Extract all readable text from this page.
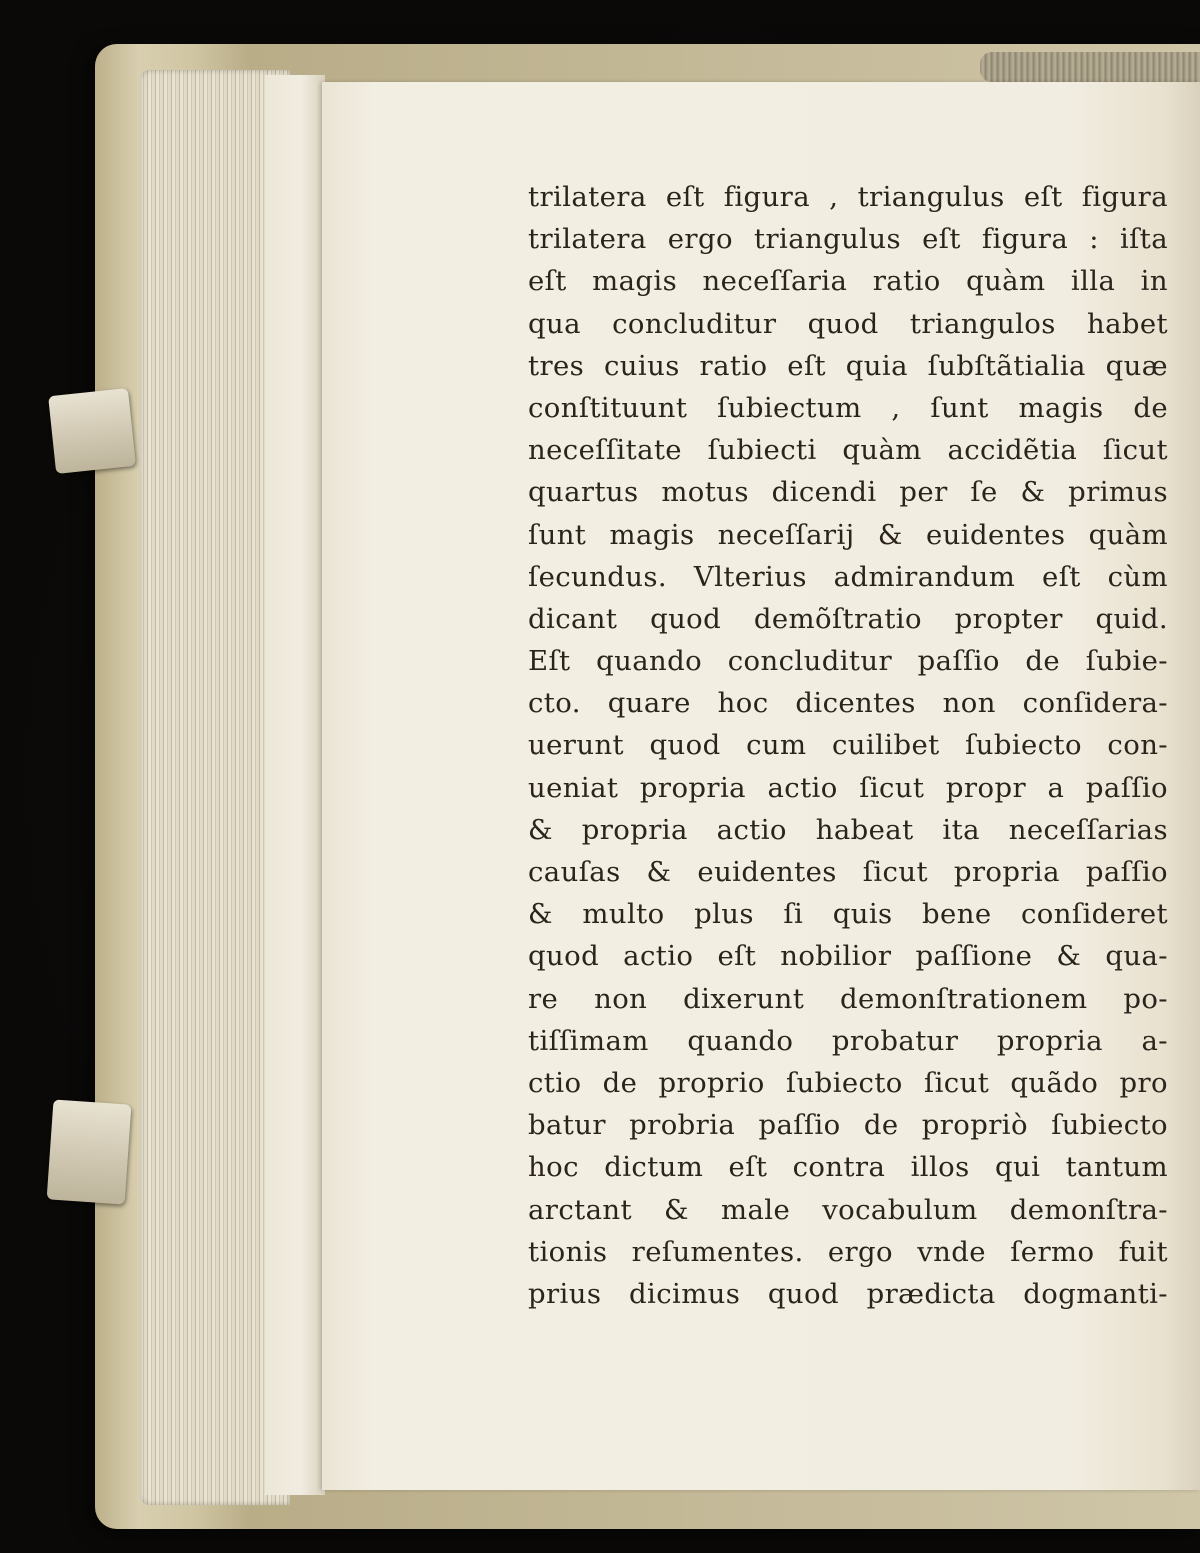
trilatera eſt figura , triangulus eſt figura
trilatera ergo triangulus eſt figura : iſta
eſt magis neceſſaria ratio quàm illa in
qua concluditur quod triangulos habet
tres cuius ratio eſt quia ſubſtãtialia quæ
conſtituunt ſubiectum , ſunt magis de
neceſſitate ſubiecti quàm accidẽtia ſicut
quartus motus dicendi per ſe & primus
ſunt magis neceſſarij & euidentes quàm
ſecundus. Vlterius admirandum eſt cùm
dicant quod demõſtratio propter quid.
Eſt quando concluditur paſſio de ſubie-
cto. quare hoc dicentes non conſidera-
uerunt quod cum cuilibet ſubiecto con-
ueniat propria actio ſicut propr a paſſio
& propria actio habeat ita neceſſarias
cauſas & euidentes ſicut propria paſſio
& multo plus ſi quis bene conſideret
quod actio eſt nobilior paſſione & qua-
re non dixerunt demonſtrationem po-
tiſſimam quando probatur propria a-
ctio de proprio ſubiecto ſicut quãdo pro
batur probria paſſio de propriò ſubiecto
hoc dictum eſt contra illos qui tantum
arctant & male vocabulum demonſtra-
tionis reſumentes. ergo vnde ſermo fuit
prius dicimus quod prædicta dogmanti-
